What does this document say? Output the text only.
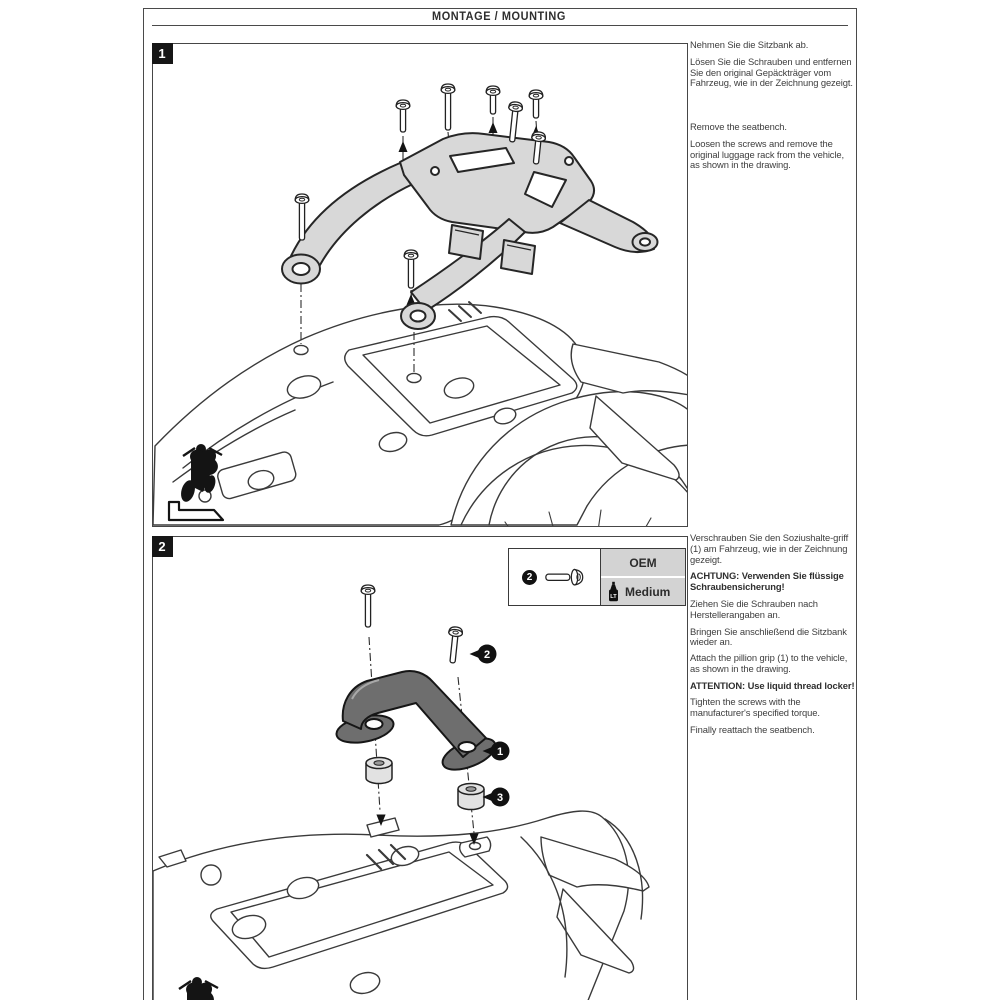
MONTAGE / MOUNTING
1
2
2
OEM
LT Medium
2
1
3

Nehmen Sie die Sitzbank ab.

Lösen Sie die Schrauben und entfernen Sie den original Gepäckträger vom Fahrzeug, wie in der Zeichnung gezeigt.

Remove the seatbench.

Loosen the screws and remove the original luggage rack from the vehicle, as shown in the drawing.

Verschrauben Sie den Soziushalte-griff (1) am Fahrzeug, wie in der Zeichnung gezeigt.

ACHTUNG: Verwenden Sie flüssige Schraubensicherung!

Ziehen Sie die Schrauben nach Herstellerangaben an.

Bringen Sie anschließend die Sitzbank wieder an.

Attach the pillion grip (1) to the vehicle, as shown in the drawing.

ATTENTION: Use liquid thread locker!

Tighten the screws with the manufacturer's specified torque.

Finally reattach the seatbench.
